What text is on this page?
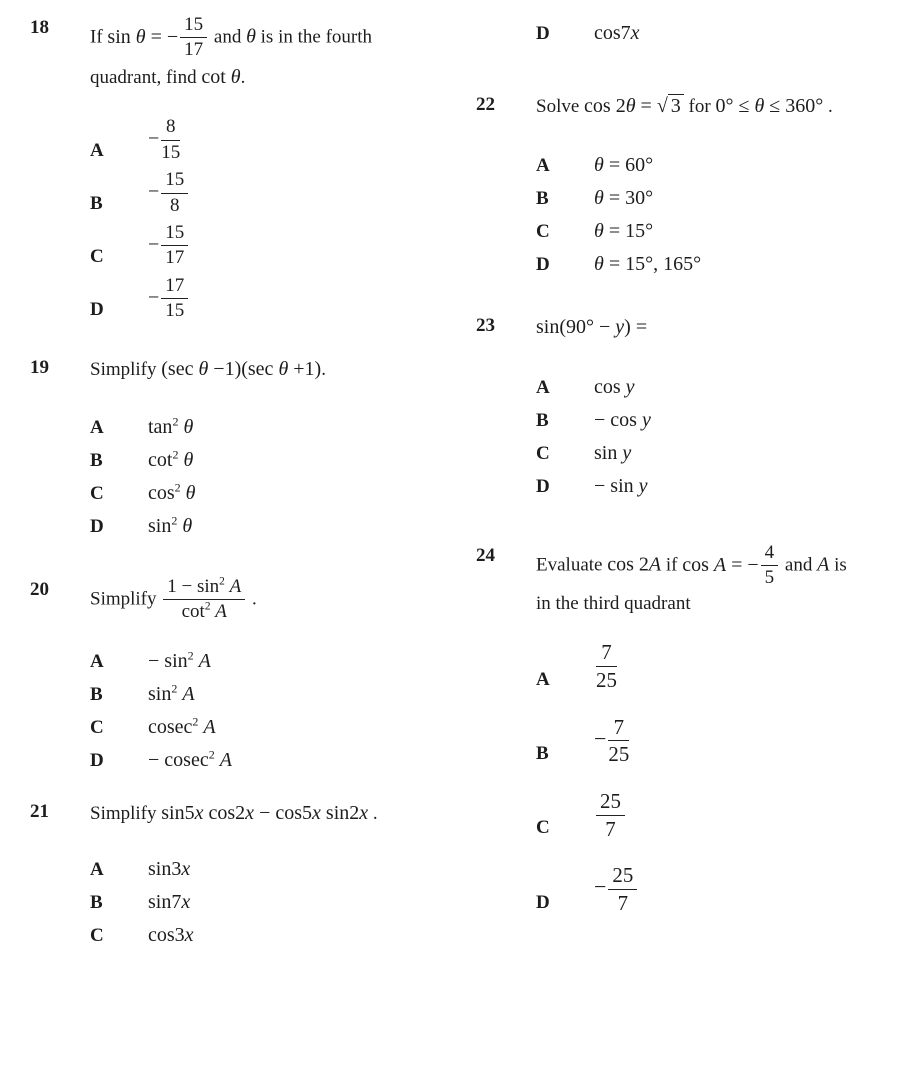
18	If sin θ = − $\frac{15}{17}$ and θ is in the fourth
quadrant, find cot θ.
A
− $\frac{8}{15}$
B
− $\frac{15}{8}$
C
− $\frac{15}{17}$
D
− $\frac{17}{15}$
19	Simplify (sec θ −1)(sec θ +1).
A	$\tan^2 \theta$
B	$\cot^2 \theta$
C	$\cos^2 \theta$
D	$\sin^2 \theta$
20	Simplify $\frac{1 - \sin^2 A}{\cot^2 A}$ .
A	− $\sin^2 A$
B	$\sin^2 A$
C	cosec$^2$ A
D	− cosec$^2$ A
21	Simplify sin5x cos2x − cos5x sin2x .
A	sin3x
B	sin7x
C	cos3x
D	cos7x
22	Solve cos 2θ = √ 3 for 0° ≤ θ ≤ 360° .
A	θ = 60°
B	θ = 30°
C	θ = 15°
D	θ = 15°, 165°
23	sin(90° − y) =
A	cos y
B	− cos y
C	sin y
D	− sin y
24	Evaluate cos 2A if cos A = − $\frac{4}{5}$ and A is
in the third quadrant
A	$\frac{7}{25}$
B
− $\frac{7}{25}$
C	$\frac{25}{7}$
D
− $\frac{25}{7}$
